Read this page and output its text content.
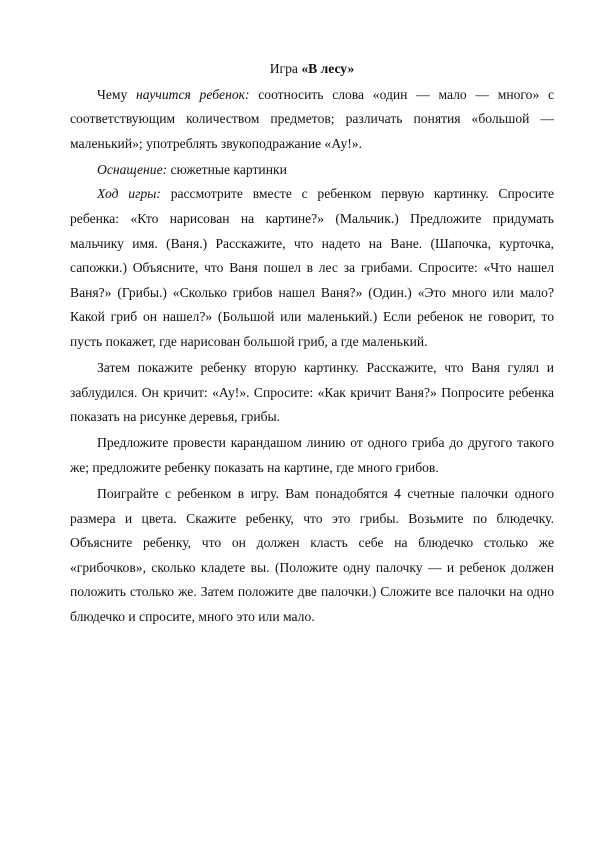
Игра «В лесу»

Чему научится ребенок: соотносить слова «один — мало — много» с соответствующим количеством предметов; различать понятия «большой — маленький»; употреблять звукоподражание «Ау!».

Оснащение: сюжетные картинки

Ход игры: рассмотрите вместе с ребенком первую картинку. Спросите ребенка: «Кто нарисован на картине?» (Мальчик.) Предложите придумать мальчику имя. (Ваня.) Расскажите, что надето на Ване. (Шапочка, курточка, сапожки.) Объясните, что Ваня пошел в лес за грибами. Спросите: «Что нашел Ваня?» (Грибы.) «Сколько грибов нашел Ваня?» (Один.) «Это много или мало? Какой гриб он нашел?» (Большой или маленький.) Если ребенок не говорит, то пусть покажет, где нарисован большой гриб, а где маленький.

Затем покажите ребенку вторую картинку. Расскажите, что Ваня гулял и заблудился. Он кричит: «Ау!». Спросите: «Как кричит Ваня?» Попросите ребенка показать на рисунке деревья, грибы.

Предложите провести карандашом линию от одного гриба до другого такого же; предложите ребенку показать на картине, где много грибов.

Поиграйте с ребенком в игру. Вам понадобятся 4 счетные палочки одного размера и цвета. Скажите ребенку, что это грибы. Возьмите по блюдечку. Объясните ребенку, что он должен класть себе на блюдечко столько же «грибочков», сколько кладете вы. (Положите одну палочку — и ребенок должен положить столько же. Затем положите две палочки.) Сложите все палочки на одно блюдечко и спросите, много это или мало.
